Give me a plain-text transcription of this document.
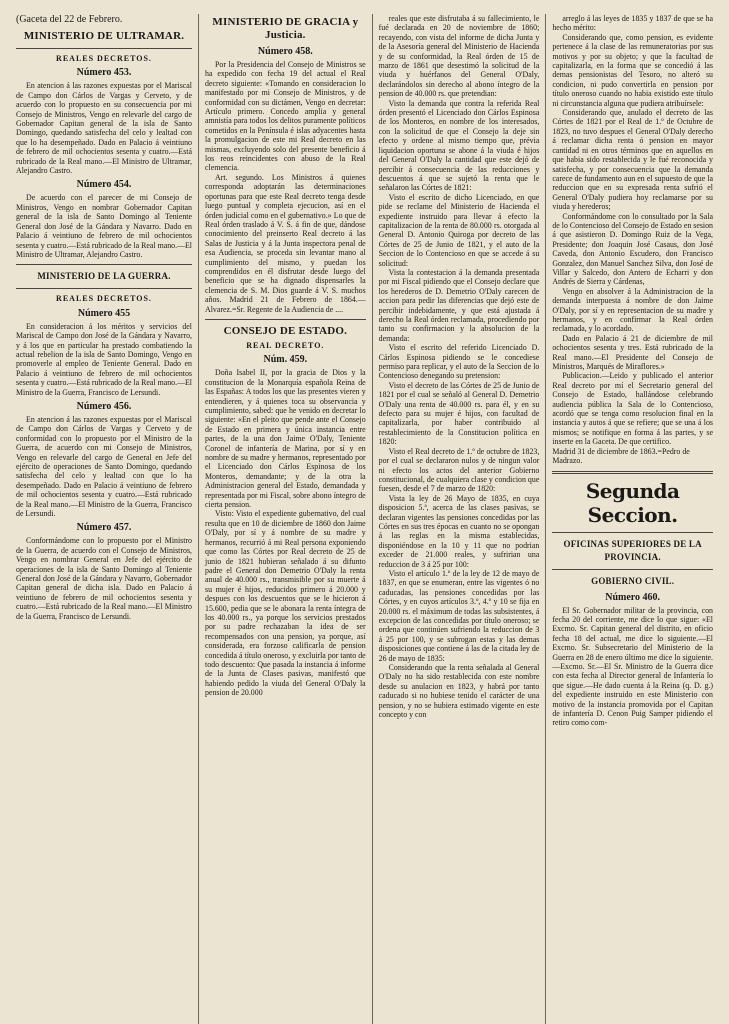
(Gaceta del 22 de Febrero.
MINISTERIO DE ULTRAMAR.
REALES DECRETOS.
Número 453.

En atencion á las razones expuestas por el Mariscal de Campo don Cárlos de Vargas y Cerveto, y de acuerdo con lo propuesto en su consecuencia por mi Consejo de Ministros, Vengo en relevarle del cargo de Gobernador Capitan general de la isla de Santo Domingo, quedando satisfecha del celo y lealtad con que lo ha desempeñado. Dado en Palacio á veintiuno de febrero de mil ochocientos sesenta y cuatro.—Está rubricado de la Real mano.—El Ministro de Ultramar, Alejandro Castro.

Número 454.

De acuerdo con el parecer de mi Consejo de Ministros, Vengo en nombrar Gobernador Capitan general de la isla de Santo Domingo al Teniente General don José de la Gándara y Navarro. Dado en Palacio á veintiuno de febrero de mil ochocientos sesenta y cuatro.—Está rubricado de la Real mano.—El Ministro de Ultramar, Alejandro Castro.

MINISTERIO DE LA GUERRA.
REALES DECRETOS.
Número 455

En consideracion á los méritos y servicios del Mariscal de Campo don José de la Gándara y Navarro, y á los que en particular ha prestado combatiendo la actual rebelion de la isla de Santo Domingo, Vengo en promoverle al empleo de Teniente General. Dado en Palacio á veintiuno de febrero de mil ochocientos sesenta y cuatro.—Está rubricado de la Real mano.—El Ministro de la Guerra, Francisco de Lersundi.

Número 456.

En atencion á las razones expuestas por el Mariscal de Campo don Cárlos de Vargas y Cerveto y de conformidad con lo propuesto por el Ministro de la Guerra, de acuerdo con mi Consejo de Ministros, Vengo en relevarle del cargo de General en Jefe del ejército de operaciones de Santo Domingo, quedando satisfecha del celo y lealtad con que lo ha desempeñado. Dado en Palacio á veintiuno de febrero de mil ochocientos sesenta y cuatro.—Está rubricado de la Real mano.—El Ministro de la Guerra, Francisco de Lersundi.

Número 457.

Conformándome con lo propuesto por el Ministro de la Guerra, de acuerdo con el Consejo de Ministros, Vengo en nombrar General en Jefe del ejército de operaciones de la isla de Santo Domingo al Teniente General don José de la Gándara y Navarro, Gobernador Capitan general de dicha isla. Dado en Palacio á veintiuno de febrero de mil ochocientos sesenta y cuatro.—Está rubricado de la Real mano.—El Ministro de la Guerra, Francisco de Lersundi.

MINISTERIO DE GRACIA y Justicia.
Número 458.

Por la Presidencia del Consejo de Ministros se ha expedido con fecha 19 del actual el Real decreto siguiente: «Tomando en consideracion lo manifestado por mi Consejo de Ministros, y de conformidad con su dictámen, Vengo en decretar: Artículo primero. Concedo amplia y general amnistía para todos los delitos puramente políticos cometidos en la Península é islas adyacentes hasta la promulgacion de este mi Real decreto en las mismas, excluyendo solo del presente beneficio á los reos reincidentes con abuso de la Real clemencia.

Art. segundo. Los Ministros á quienes corresponda adoptarán las determinaciones oportunas para que este Real decreto tenga desde luego puntual y completa ejecucion, así en el órden judicial como en el gubernativo.» Lo que de Real órden traslado á V. S. á fin de que, dándose conocimiento del preinserto Real decreto á las Salas de Justicia y á la Junta inspectora penal de esa Audiencia, se proceda sin levantar mano al cumplimiento del mismo, y puedan los comprendidos en él disfrutar desde luego del beneficio que se ha dignado dispensarles la clemencia de S. M. Dios guarde á V. S. muchos años. Madrid 21 de Febrero de 1864.—Alvarez.=Sr. Regente de la Audiencia de ....

CONSEJO DE ESTADO.
REAL DECRETO.
Núm. 459.

Doña Isabel II, por la gracia de Dios y la constitucion de la Monarquía española Reina de las Españas: A todos los que las presentes vieren y entendieren, y á quienes toca su observancia y cumplimiento, sabed: que he venido en decretar lo siguiente: «En el pleito que pende ante el Consejo de Estado en primera y única instancia entre partes, de la una don Jaime O'Daly, Teniente Coronel de infantería de Marina, por sí y en nombre de su madre y hermanos, representado por el Licenciado don Cárlos Espinosa de los Monteros, demandante; y de la otra la Administracion general del Estado, demandada y representada por mi Fiscal, sobre abono íntegro de cierta pension.

Visto: Visto el expediente gubernativo, del cual resulta que en 10 de diciembre de 1860 don Jaime O'Daly, por sí y á nombre de su madre y hermanos, recurrió á mi Real persona exponiendo que como las Córtes por Real decreto de 25 de junio de 1821 hubieran señalado á su difunto padre el General don Demetrio O'Daly la renta anual de 40.000 rs., transmisible por su muerte á su mujer é hijos, reducidos primero á 20.000 y despues con los descuentos que se le hicieron á 15.600, pedia que se le abonara la renta íntegra de los 40.000 rs., ya porque los servicios prestados por su padre rechazaban la idea de ser recompensados con una pension, ya porque, así considerada, era forzoso calificarla de pension concedida á título oneroso, y excluirla por tanto de todo descuento: Que pasada la instancia á informe de la Junta de Clases pasivas, manifestó que habiendo pedido la viuda del General O'Daly la pension de 20.000

reales que este disfrutaba á su fallecimiento, le fué declarada en 20 de noviembre de 1860; recayendo, con vista del informe de dicha Junta y de la Asesoría general del Ministerio de Hacienda y de su conformidad, la Real órden de 15 de marzo de 1861 que desestimó la solicitud de la viuda y huérfanos del General O'Daly, declarándolos sin derecho al abono íntegro de la pension de 40.000 rs. que pretendian:

Visto la demanda que contra la referida Real órden presentó el Licenciado don Cárlos Espinosa de los Monteros, en nombre de los interesados, con la solicitud de que el Consejo la deje sin efecto y ordene al mismo tiempo que, prévia liquidacion oportuna se abone á la viuda é hijos del General O'Daly la cantidad que este dejó de percibir á consecuencia de las reducciones y descuentos á que se sujetó la renta que le señalaron las Córtes de 1821:

Visto el escrito de dicho Licenciado, en que pide se reclame del Ministerio de Hacienda el expediente instruido para llevar á efecto la capitalizacion de la renta de 80.000 rs. otorgada al General D. Antonio Quiroga por decreto de las Córtes de 25 de Junio de 1821, y el auto de la Seccion de lo Contencioso en que se accede á su solicitud:

Vista la contestacion á la demanda presentada por mi Fiscal pidiendo que el Consejo declare que los herederos de D. Demetrio O'Daly carecen de accion para pedir las diferencias que dejó este de percibir indebidamente, y que está ajustada á derecho la Real órden reclamada, procediendo por tanto su confirmacion y la absolucion de la demanda:

Visto el escrito del referido Licenciado D. Cárlos Espinosa pidiendo se le concediese permiso para replicar, y el auto de la Seccion de lo Contencioso denegando su pretension:

Visto el decreto de las Córtes de 25 de Junio de 1821 por el cual se señaló al General D. Demetrio O'Daly una renta de 40.000 rs. para él, y en su defecto para su mujer é hijos, con facultad de capitalizarla, por haber contribuido al restablecimiento de la Constitucion política en 1820:

Visto el Real decreto de 1.º de octubre de 1823, por el cual se declararon nulos y de ningun valor ni efecto los actos del anterior Gobierno constitucional, de cualquiera clase y condicion que fuesen, desde el 7 de marzo de 1820:

Vista la ley de 26 Mayo de 1835, en cuya disposicion 5.ª, acerca de las clases pasivas, se declaran vigentes las pensiones concedidas por las Córtes en sus tres épocas en cuanto no se opongan á las reglas en la misma establecidas, disponiéndose en la 10 y 11 que no podrian exceder de 21.000 reales, y sufririan una reduccion de 3 á 25 por 100:

Visto el artículo 1.º de la ley de 12 de mayo de 1837, en que se enumeran, entre las vigentes ó no caducadas, las pensiones concedidas por las Córtes, y en cuyos artículos 3.º, 4.º y 10 se fija en 20.000 rs. el máximum de todas las subsistentes, á excepcion de las concedidas por título oneroso; se ordena que continúen sufriendo la reduccion de 3 á 25 por 100, y se subrogan estas y las demas disposiciones que contiene á las de la citada ley de 26 de mayo de 1835:

Considerando que la renta señalada al General O'Daly no ha sido restablecida con este nombre desde su anulacion en 1823, y habrá por tanto caducado si no hubiese tenido el carácter de una pension, y no se hubiera estimado vigente en este concepto y con

arreglo á las leyes de 1835 y 1837 de que se ha hecho mérito:

Considerando que, como pension, es evidente pertenece á la clase de las remuneratorias por sus motivos y por su objeto; y que la facultad de capitalizarla, en la forma que se concedió á las demas pensionistas del Tesoro, no alteró su condicion, ni pudo convertirla en pension por título oneroso cuando no habia existido este título ni circunstancia alguna que pudiera atribuírsele:

Considerando que, anulado el decreto de las Córtes de 1821 por el Real de 1.º de Octubre de 1823, no tuvo despues el General O'Daly derecho á reclamar dicha renta ó pension en mayor cantidad ni en otros términos que en aquellos en que habia sido restablecida y le fué reconocida y satisfecha, y por consecuencia que la demanda carece de fundamento aun en el supuesto de que la reduccion que en su expresada renta sufrió el General O'Daly pudiera hoy reclamarse por su viuda y herederos;

Conformándome con lo consultado por la Sala de lo Contencioso del Consejo de Estado en sesion á que asistieron D. Domingo Ruiz de la Vega, Presidente; don Joaquin José Casaus, don José Caveda, don Antonio Escudero, don Francisco Gonzalez, don Manuel Sanchez Silva, don José de Villar y Salcedo, don Antero de Echarri y don Andrés de Sierra y Cárdenas,

Vengo en absolver á la Administracion de la demanda interpuesta á nombre de don Jaime O'Daly, por sí y en representacion de su madre y hermanos, y en confirmar la Real órden reclamada, y lo acordado.

Dado en Palacio á 21 de diciembre de mil ochocientos sesenta y tres. Está rubricado de la Real mano.—El Presidente del Consejo de Ministros, Marqués de Miraflores.»

Publicacion.—Leido y publicado el anterior Real decreto por mí el Secretario general del Consejo de Estado, hallándose celebrando audiencia pública la Sala de lo Contencioso, acordó que se tenga como resolucion final en la instancia y autos á que se refiere; que se una á los mismos; se notifique en forma á las partes, y se inserte en la Gaceta. De que certifico.

Madrid 31 de diciembre de 1863.=Pedro de Madrazo.

Segunda Seccion.
OFICINAS SUPERIORES DE LA PROVINCIA.
GOBIERNO CIVIL.
Número 460.

El Sr. Gobernador militar de la provincia, con fecha 20 del corriente, me dice lo que sigue: «El Excmo. Sr. Capitan general del distrito, en oficio fecha 18 del actual, me dice lo siguiente.—El Excmo. Sr. Subsecretario del Ministerio de la Guerra en 28 de enero último me dice lo siguiente.—Excmo. Sr.—El Sr. Ministro de la Guerra dice con esta fecha al Director general de Infantería lo que sigue.—He dado cuenta á la Reina (q. D. g.) del expediente instruido en este Ministerio con motivo de la instancia promovida por el Capitan de infantería D. Cenon Puig Samper pidiendo el retiro como com-
